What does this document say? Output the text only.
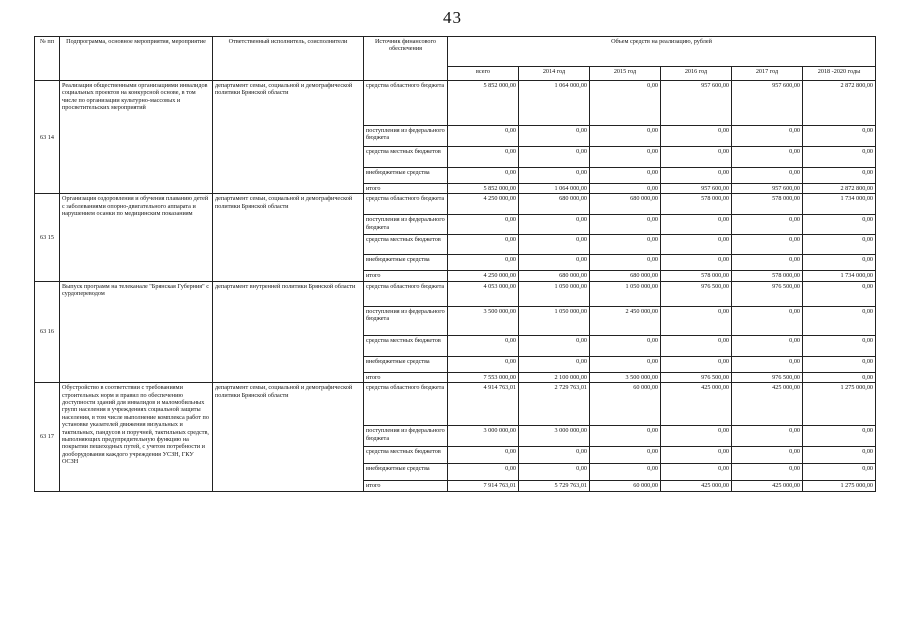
43
№ пп	Подпрограмма, основное мероприятия, мероприятие	Ответственный исполнитель, соисполнители	Источник финансового обеспечения	Объем средств на реализацию, рублей					
				всего	2014 год	2015 год	2016 год	2017 год	2018 -2020 годы
63 14	Реализация общественными организациями инвалидов социальных проектов на конкурсной основе, в том числе по организации культурно-массовых и просветительских мероприятий	департамент семьи, социальной и демографической политики Брянской области	средства областного бюджета	5 852 000,00	1 064 000,00	0,00	957 600,00	957 600,00	2 872 800,00
			поступления из федерального бюджета	0,00	0,00	0,00	0,00	0,00	0,00
			средства местных бюджетов	0,00	0,00	0,00	0,00	0,00	0,00
			внебюджетные средства	0,00	0,00	0,00	0,00	0,00	0,00
			итого	5 852 000,00	1 064 000,00	0,00	957 600,00	957 600,00	2 872 800,00
63 15	Организация оздоровления и обучения плаванию детей с заболеваниями опорно-двигательного аппарата и нарушением осанки по медицинским показаниям	департамент семьи, социальной и демографической политики Брянской области	средства областного бюджета	4 250 000,00	680 000,00	680 000,00	578 000,00	578 000,00	1 734 000,00
			поступления из федерального бюджета	0,00	0,00	0,00	0,00	0,00	0,00
			средства местных бюджетов	0,00	0,00	0,00	0,00	0,00	0,00
			внебюджетные средства	0,00	0,00	0,00	0,00	0,00	0,00
			итого	4 250 000,00	680 000,00	680 000,00	578 000,00	578 000,00	1 734 000,00
63 16	Выпуск программ на телеканале "Брянская Губерния" с сурдопереводом	департамент внутренней политики Брянской области	средства областного бюджета	4 053 000,00	1 050 000,00	1 050 000,00	976 500,00	976 500,00	0,00
			поступления из федерального бюджета	3 500 000,00	1 050 000,00	2 450 000,00	0,00	0,00	0,00
			средства местных бюджетов	0,00	0,00	0,00	0,00	0,00	0,00
			внебюджетные средства	0,00	0,00	0,00	0,00	0,00	0,00
			итого	7 553 000,00	2 100 000,00	3 500 000,00	976 500,00	976 500,00	0,00
63 17	Обустройство в соответствии с требованиями строительных норм и правил по обеспечению доступности зданий для инвалидов и маломобильных групп населения в учреждениях социальной защиты населения, в том числе выполнение комплекса работ по установке указателей движения визуальных и тактильных, пандусов и поручней, тактильных средств, выполняющих предупредительную функцию на покрытии пешеходных путей, с учетом потребности и дооборудования каждого учреждения УСЗН, ГКУ ОСЗН	департамент семьи, социальной и демографической политики Брянской области	средства областного бюджета	4 914 763,01	2 729 763,01	60 000,00	425 000,00	425 000,00	1 275 000,00
			поступления из федерального бюджета	3 000 000,00	3 000 000,00	0,00	0,00	0,00	0,00
			средства местных бюджетов	0,00	0,00	0,00	0,00	0,00	0,00
			внебюджетные средства	0,00	0,00	0,00	0,00	0,00	0,00
			итого	7 914 763,01	5 729 763,01	60 000,00	425 000,00	425 000,00	1 275 000,00
